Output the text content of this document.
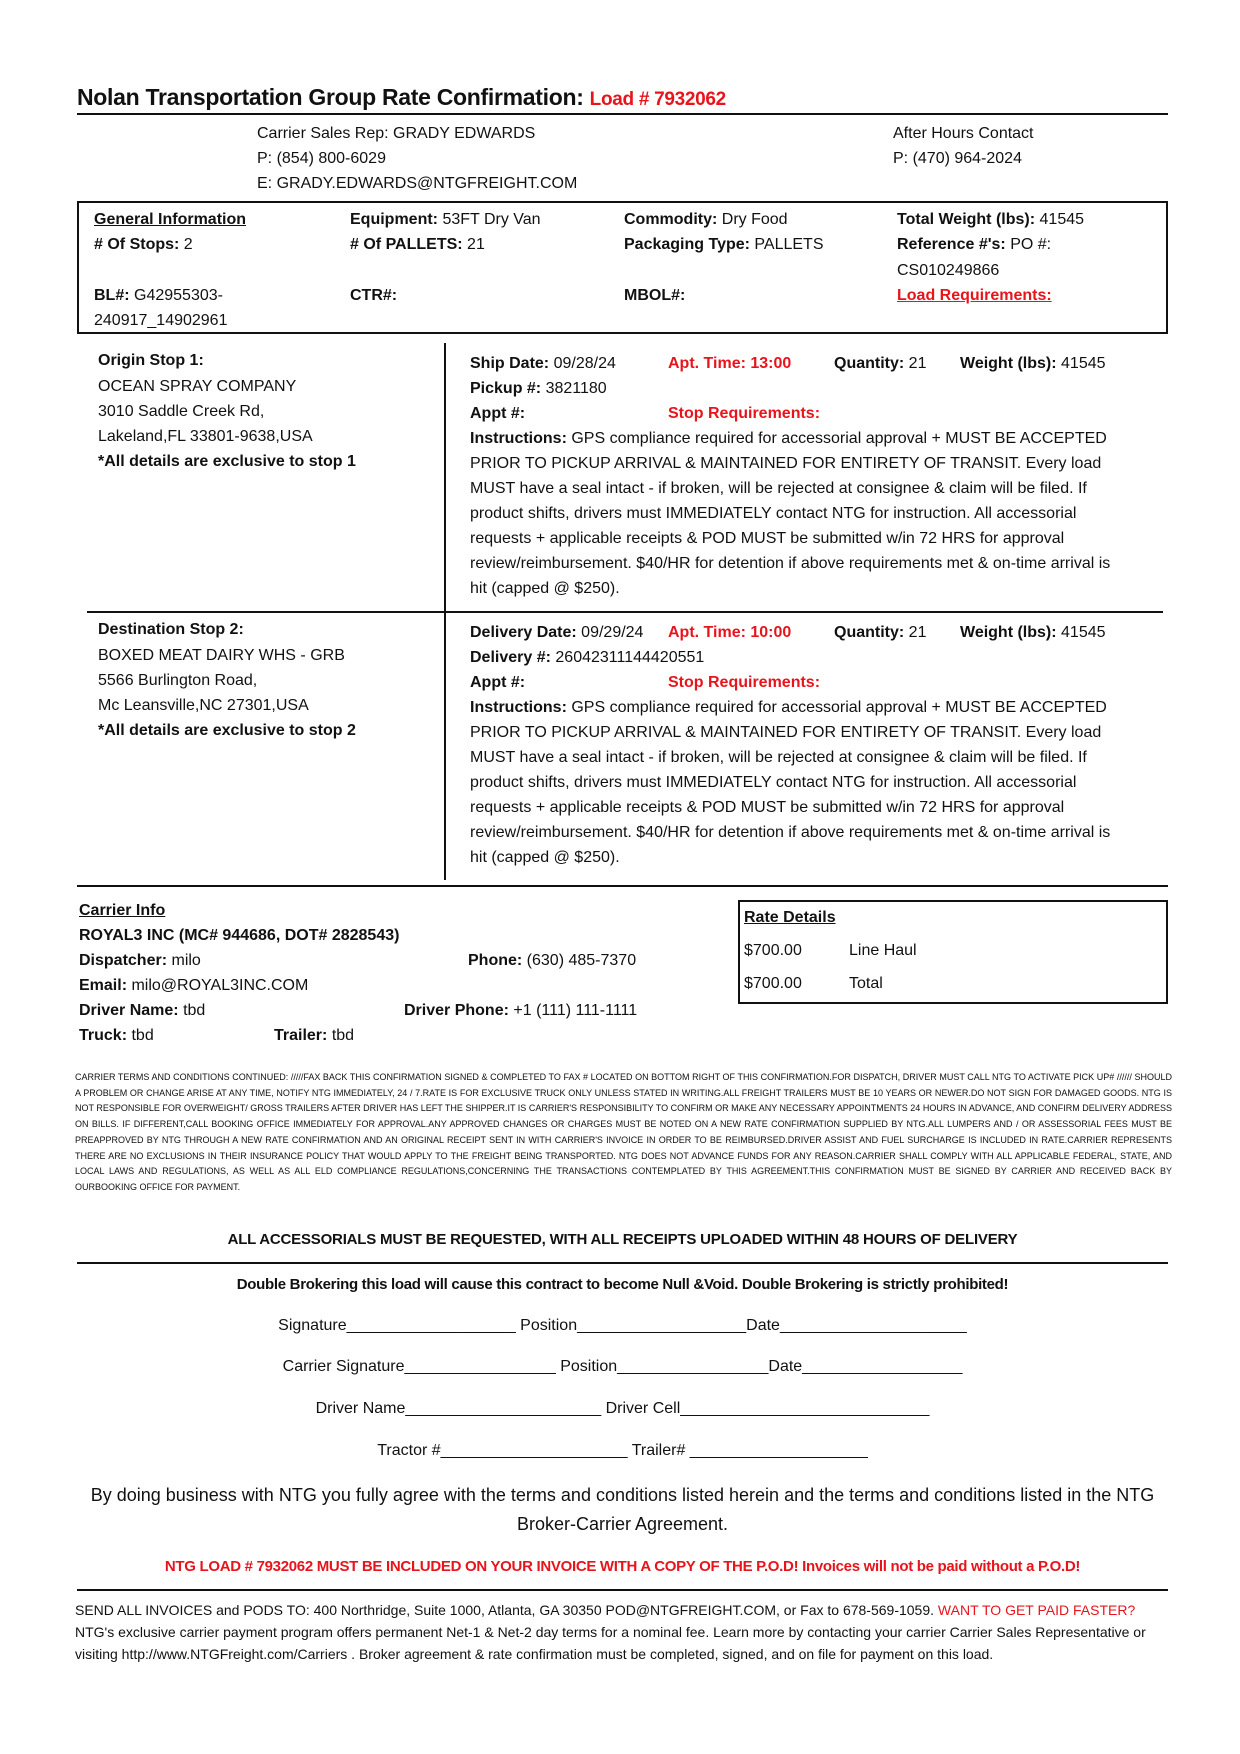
Nolan Transportation Group Rate Confirmation: Load # 7932062
Carrier Sales Rep: GRADY EDWARDS
P: (854) 800-6029
E: GRADY.EDWARDS@NTGFREIGHT.COM
After Hours Contact
P: (470) 964-2024
General Information
# Of Stops: 2
BL#: G42955303-
240917_14902961
Equipment: 53FT Dry Van
# Of PALLETS: 21
CTR#:
Commodity: Dry Food
Packaging Type: PALLETS
MBOL#:
Total Weight (lbs): 41545
Reference #'s: PO #:
CS010249866
Load Requirements:
Origin Stop 1:
OCEAN SPRAY COMPANY
3010 Saddle Creek Rd,
Lakeland,FL 33801-9638,USA
*All details are exclusive to stop 1
Ship Date: 09/28/24	Apt. Time: 13:00	Quantity: 21 Weight (lbs): 41545
Pickup #: 3821180
Appt #:	Stop Requirements:
Instructions: GPS compliance required for accessorial approval + MUST BE ACCEPTED
PRIOR TO PICKUP ARRIVAL & MAINTAINED FOR ENTIRETY OF TRANSIT. Every load
MUST have a seal intact - if broken, will be rejected at consignee & claim will be filed. If
product shifts, drivers must IMMEDIATELY contact NTG for instruction. All accessorial
requests + applicable receipts & POD MUST be submitted w/in 72 HRS for approval
review/reimbursement. $40/HR for detention if above requirements met & on-time arrival is
hit (capped @ $250).
Destination Stop 2:
BOXED MEAT DAIRY WHS - GRB
5566 Burlington Road,
Mc Leansville,NC 27301,USA
*All details are exclusive to stop 2
Delivery Date: 09/29/24 Apt. Time: 10:00	Quantity: 21 Weight (lbs): 41545
Delivery #: 26042311144420551
Appt #:	Stop Requirements:
Instructions: GPS compliance required for accessorial approval + MUST BE ACCEPTED
PRIOR TO PICKUP ARRIVAL & MAINTAINED FOR ENTIRETY OF TRANSIT. Every load
MUST have a seal intact - if broken, will be rejected at consignee & claim will be filed. If
product shifts, drivers must IMMEDIATELY contact NTG for instruction. All accessorial
requests + applicable receipts & POD MUST be submitted w/in 72 HRS for approval
review/reimbursement. $40/HR for detention if above requirements met & on-time arrival is
hit (capped @ $250).
Carrier Info
ROYAL3 INC (MC# 944686, DOT# 2828543)
Dispatcher: milo	Phone: (630) 485-7370
Email: milo@ROYAL3INC.COM
Driver Name: tbd	Driver Phone: +1 (111) 111-1111
Truck: tbd	Trailer: tbd
Rate Details
$700.00	Line Haul
$700.00	Total
CARRIER TERMS AND CONDITIONS CONTINUED: /////FAX BACK THIS CONFIRMATION SIGNED & COMPLETED TO FAX # LOCATED ON BOTTOM RIGHT OF THIS CONFIRMATION.FOR DISPATCH, DRIVER MUST CALL NTG TO ACTIVATE PICK UP# ////// SHOULD A PROBLEM OR CHANGE ARISE AT ANY TIME, NOTIFY NTG IMMEDIATELY, 24 / 7.RATE IS FOR EXCLUSIVE TRUCK ONLY UNLESS STATED IN WRITING.ALL FREIGHT TRAILERS MUST BE 10 YEARS OR NEWER.DO NOT SIGN FOR DAMAGED GOODS. NTG IS NOT RESPONSIBLE FOR OVERWEIGHT/ GROSS TRAILERS AFTER DRIVER HAS LEFT THE SHIPPER.IT IS CARRIER'S RESPONSIBILITY TO CONFIRM OR MAKE ANY NECESSARY APPOINTMENTS 24 HOURS IN ADVANCE, AND CONFIRM DELIVERY ADDRESS ON BILLS. IF DIFFERENT,CALL BOOKING OFFICE IMMEDIATELY FOR APPROVAL.ANY APPROVED CHANGES OR CHARGES MUST BE NOTED ON A NEW RATE CONFIRMATION SUPPLIED BY NTG.ALL LUMPERS AND / OR ASSESSORIAL FEES MUST BE PREAPPROVED BY NTG THROUGH A NEW RATE CONFIRMATION AND AN ORIGINAL RECEIPT SENT IN WITH CARRIER'S INVOICE IN ORDER TO BE REIMBURSED.DRIVER ASSIST AND FUEL SURCHARGE IS INCLUDED IN RATE.CARRIER REPRESENTS THERE ARE NO EXCLUSIONS IN THEIR INSURANCE POLICY THAT WOULD APPLY TO THE FREIGHT BEING TRANSPORTED. NTG DOES NOT ADVANCE FUNDS FOR ANY REASON.CARRIER SHALL COMPLY WITH ALL APPLICABLE FEDERAL, STATE, AND LOCAL LAWS AND REGULATIONS, AS WELL AS ALL ELD COMPLIANCE REGULATIONS,CONCERNING THE TRANSACTIONS CONTEMPLATED BY THIS AGREEMENT.THIS CONFIRMATION MUST BE SIGNED BY CARRIER AND RECEIVED BACK BY OURBOOKING OFFICE FOR PAYMENT.
ALL ACCESSORIALS MUST BE REQUESTED, WITH ALL RECEIPTS UPLOADED WITHIN 48 HOURS OF DELIVERY
Double Brokering this load will cause this contract to become Null &Void. Double Brokering is strictly prohibited!
Signature___________________ Position___________________Date_____________________
Carrier Signature_________________ Position_________________Date__________________
Driver Name______________________ Driver Cell____________________________
Tractor #_____________________ Trailer# ____________________
By doing business with NTG you fully agree with the terms and conditions listed herein and the terms and conditions listed in the NTG Broker-Carrier Agreement.
NTG LOAD # 7932062 MUST BE INCLUDED ON YOUR INVOICE WITH A COPY OF THE P.O.D! Invoices will not be paid without a P.O.D!
SEND ALL INVOICES and PODS TO: 400 Northridge, Suite 1000, Atlanta, GA 30350 POD@NTGFREIGHT.COM, or Fax to 678-569-1059. WANT TO GET PAID FASTER? NTG's exclusive carrier payment program offers permanent Net-1 & Net-2 day terms for a nominal fee. Learn more by contacting your carrier Carrier Sales Representative or visiting http://www.NTGFreight.com/Carriers . Broker agreement & rate confirmation must be completed, signed, and on file for payment on this load.
